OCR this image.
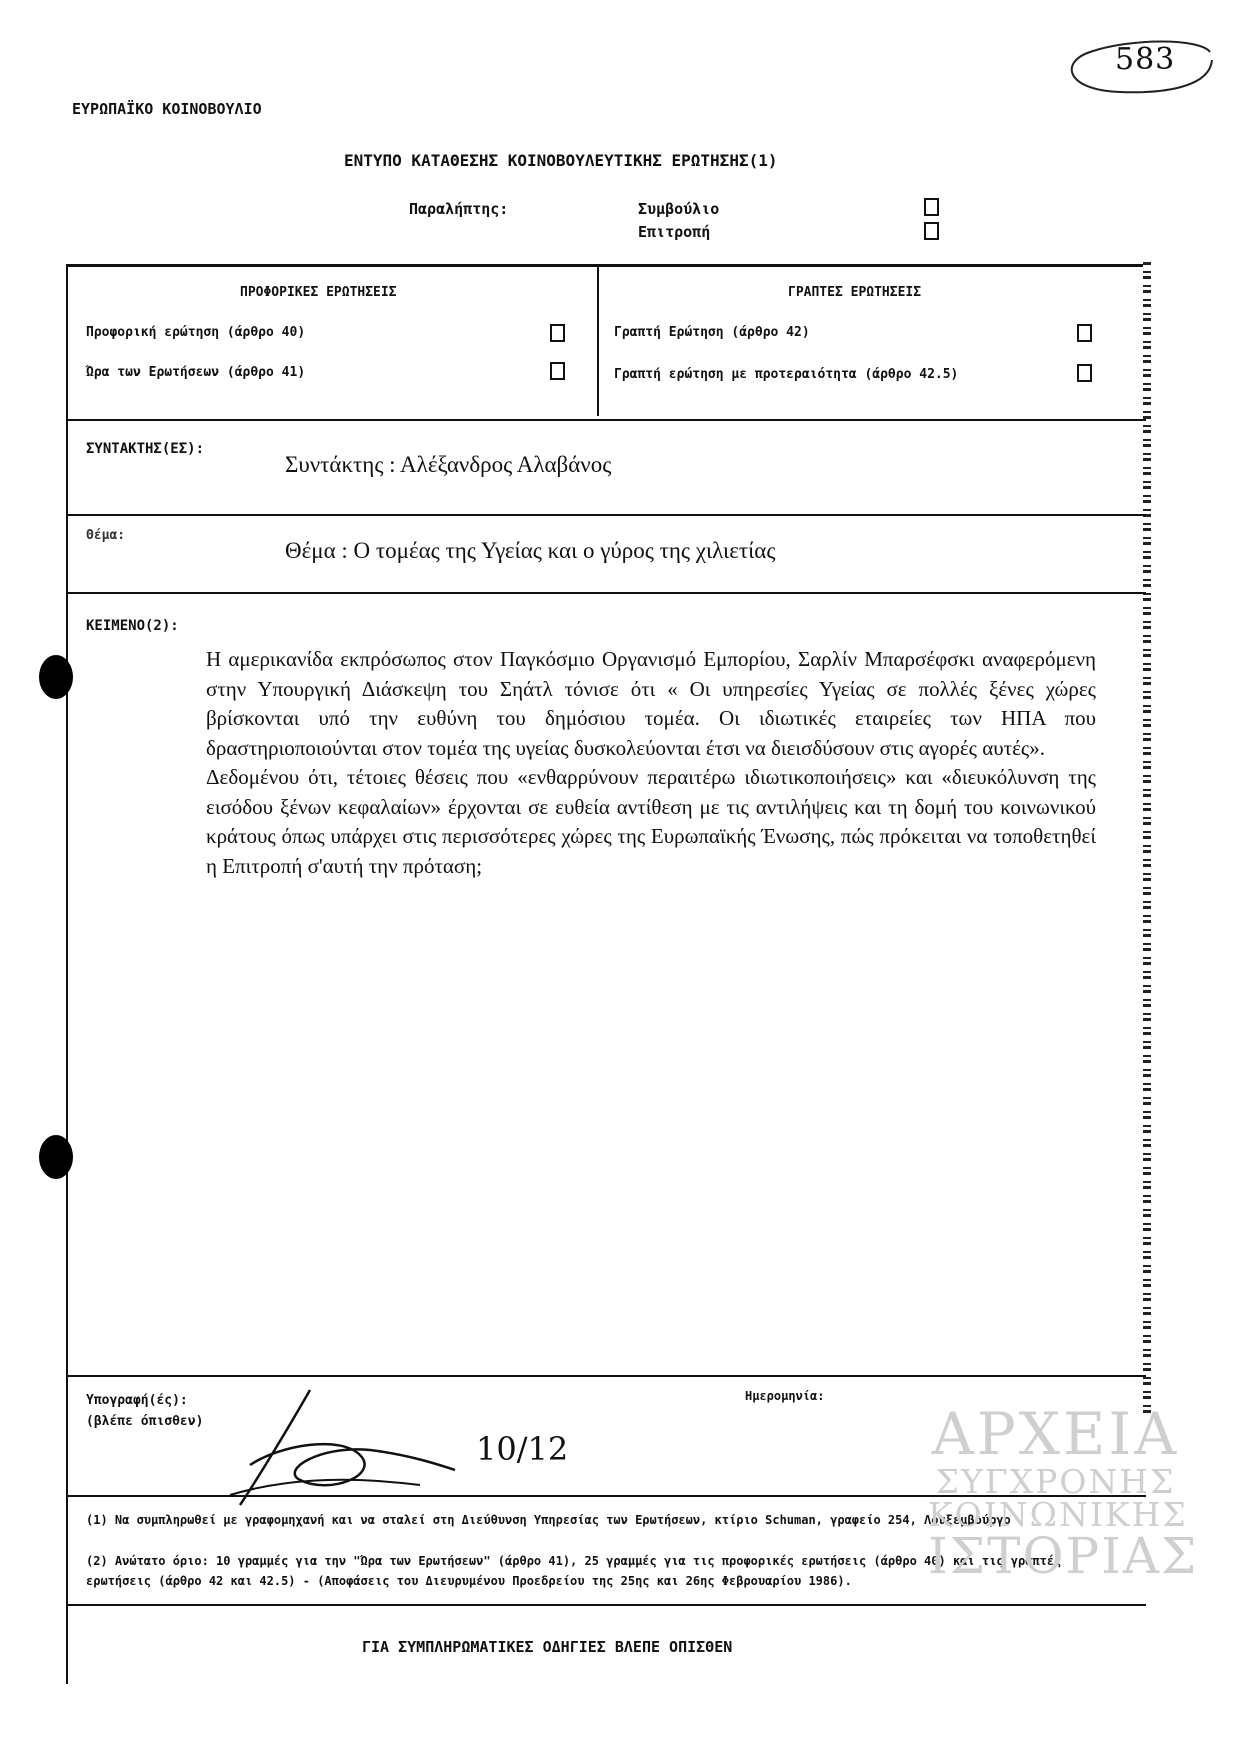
583
ΕΥΡΩΠΑΪΚΟ ΚΟΙΝΟΒΟΥΛΙΟ
ΕΝΤΥΠΟ ΚΑΤΑΘΕΣΗΣ ΚΟΙΝΟΒΟΥΛΕΥΤΙΚΗΣ ΕΡΩΤΗΣΗΣ(1)
Παραλήπτης:	Συμβούλιο
Επιτροπή
ΠΡΟΦΟΡΙΚΕΣ ΕΡΩΤΗΣΕΙΣ	ΓΡΑΠΤΕΣ ΕΡΩΤΗΣΕΙΣ
Προφορική ερώτηση (άρθρο 40)
Ώρα των Ερωτήσεων (άρθρο 41)
Γραπτή Ερώτηση (άρθρο 42)
Γραπτή ερώτηση με προτεραιότητα (άρθρο 42.5)
ΣΥΝΤΑΚΤΗΣ(ΕΣ):
Συντάκτης : Αλέξανδρος Αλαβάνος
Θέμα:
Θέμα : Ο τομέας της Υγείας και ο γύρος της χιλιετίας
ΚΕΙΜΕΝΟ(2):

Η αμερικανίδα εκπρόσωπος στον Παγκόσμιο Οργανισμό Εμπορίου, Σαρλίν Μπαρσέφσκι αναφερόμενη στην Υπουργική Διάσκεψη του Σηάτλ τόνισε ότι « Οι υπηρεσίες Υγείας σε πολλές ξένες χώρες βρίσκονται υπό την ευθύνη του δημόσιου τομέα. Οι ιδιωτικές εταιρείες των ΗΠΑ που δραστηριοποιούνται στον τομέα της υγείας δυσκολεύονται έτσι να διεισδύσουν στις αγορές αυτές».

Δεδομένου ότι, τέτοιες θέσεις που «ενθαρρύνουν περαιτέρω ιδιωτικοποιήσεις» και «διευκόλυνση της εισόδου ξένων κεφαλαίων» έρχονται σε ευθεία αντίθεση με τις αντιλήψεις και τη δομή του κοινωνικού κράτους όπως υπάρχει στις περισσότερες χώρες της Ευρωπαϊκής Ένωσης, πώς πρόκειται να τοποθετηθεί η Επιτροπή σ'αυτή την πρόταση;

Υπογραφή(ές):
(βλέπε όπισθεν)
Ημερομηνία:
10/12
(1) Να συμπληρωθεί με γραφομηχανή και να σταλεί στη Διεύθυνση Υπηρεσίας των Ερωτήσεων, κτίριο Schuman, γραφείο 254, Λουξεμβούργο
(2) Ανώτατο όριο: 10 γραμμές για την "Ώρα των Ερωτήσεων" (άρθρο 41), 25 γραμμές για τις προφορικές ερωτήσεις (άρθρο 40) και τις γραπτές ερωτήσεις (άρθρο 42 και 42.5) - (Αποφάσεις του Διευρυμένου Προεδρείου της 25ης και 26ης Φεβρουαρίου 1986).
ΓΙΑ ΣΥΜΠΛΗΡΩΜΑΤΙΚΕΣ ΟΔΗΓΙΕΣ ΒΛΕΠΕ ΟΠΙΣΘΕΝ
ΑΡΧΕΙΑ
ΣΥΓΧΡΟΝΗΣ
ΚΟΙΝΩΝΙΚΗΣ
ΙΣΤΟΡΙΑΣ
